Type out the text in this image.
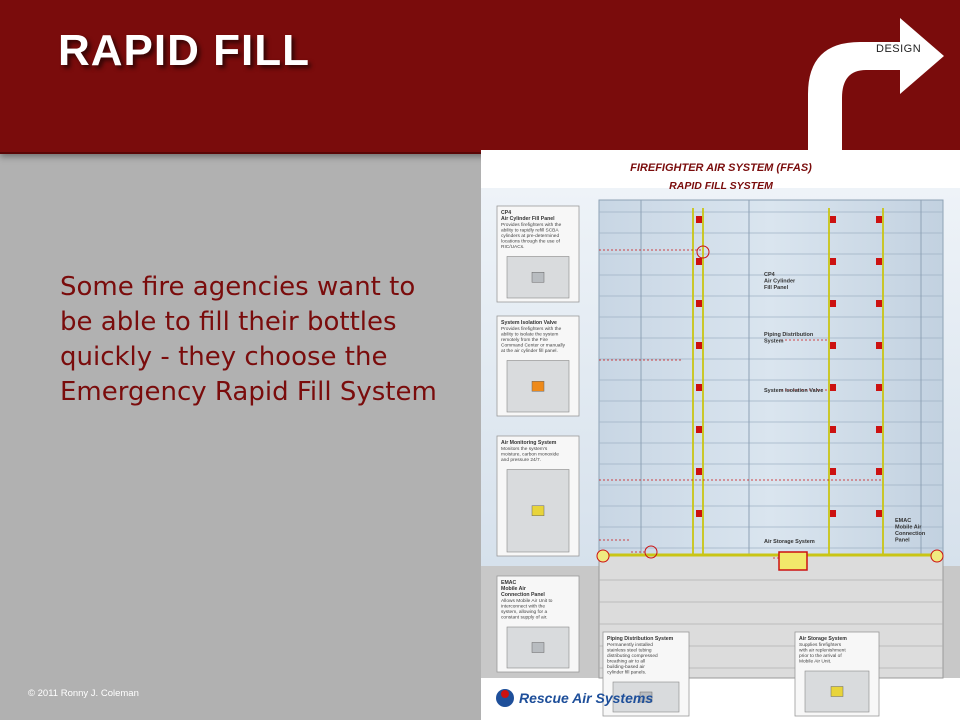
RAPID FILL	DESIGN

Some fire agencies want to be able to fill their bottles quickly - they choose the Emergency Rapid Fill System

FIREFIGHTER AIR SYSTEM (FFAS)
RAPID FILL SYSTEM
CP4 Air Cylinder Fill Panel
Piping Distribution System
System Isolation Valve
Air Storage System
EMAC Mobile Air Connection Panel
CP4
Air Cylinder Fill Panel
Provides firefighters with the
ability to rapidly refill SCBA
cylinders at pre-determined
locations through the use of
RIC/UACs.
System Isolation Valve
Provides firefighters with the
ability to isolate the system
remotely from the Fire
Command Center or manually
at the air cylinder fill panel.
Air Monitoring System
Monitors the system's
moisture, carbon monoxide
and pressure 24/7.
EMAC
Mobile Air
Connection Panel
Allows Mobile Air Unit to
interconnect with the
system, allowing for a
constant supply of air.
Piping Distribution System
Permanently installed
stainless steel tubing
distributing compressed
breathing air to all
building-based air
cylinder fill panels.
Air Storage System
Supplies firefighters
with air replenishment
prior to the arrival of
Mobile Air Unit.
Rescue Air Systems
© 2011 Ronny J. Coleman
